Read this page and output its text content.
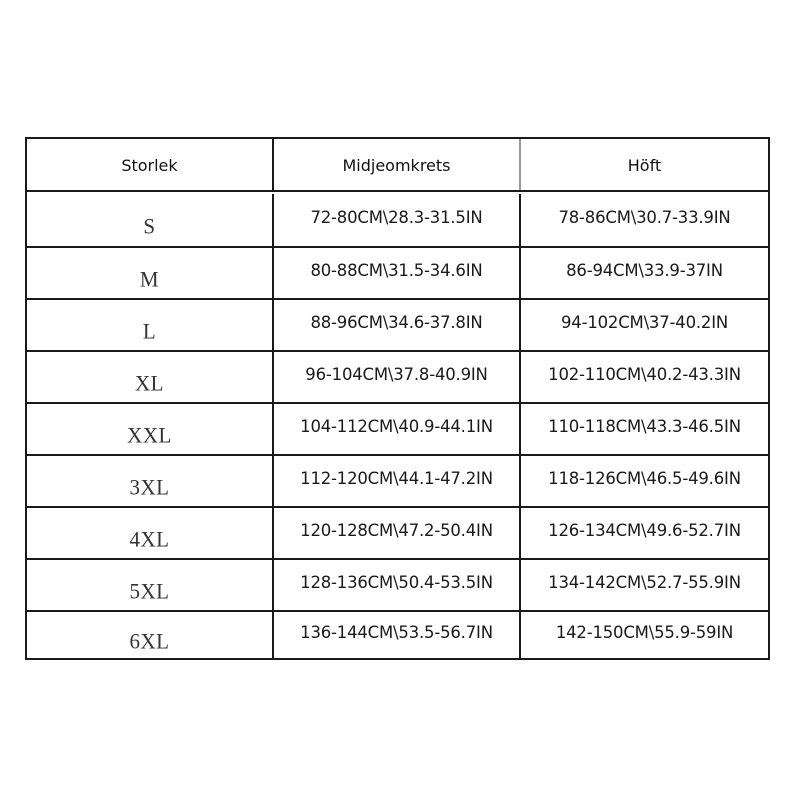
Storlek	Midjeomkrets	Höft
S	72-80CM\28.3-31.5IN	78-86CM\30.7-33.9IN
M	80-88CM\31.5-34.6IN	86-94CM\33.9-37IN
L	88-96CM\34.6-37.8IN	94-102CM\37-40.2IN
XL	96-104CM\37.8-40.9IN	102-110CM\40.2-43.3IN
XXL	104-112CM\40.9-44.1IN	110-118CM\43.3-46.5IN
3XL	112-120CM\44.1-47.2IN	118-126CM\46.5-49.6IN
4XL	120-128CM\47.2-50.4IN	126-134CM\49.6-52.7IN
5XL	128-136CM\50.4-53.5IN	134-142CM\52.7-55.9IN
6XL	136-144CM\53.5-56.7IN	142-150CM\55.9-59IN
